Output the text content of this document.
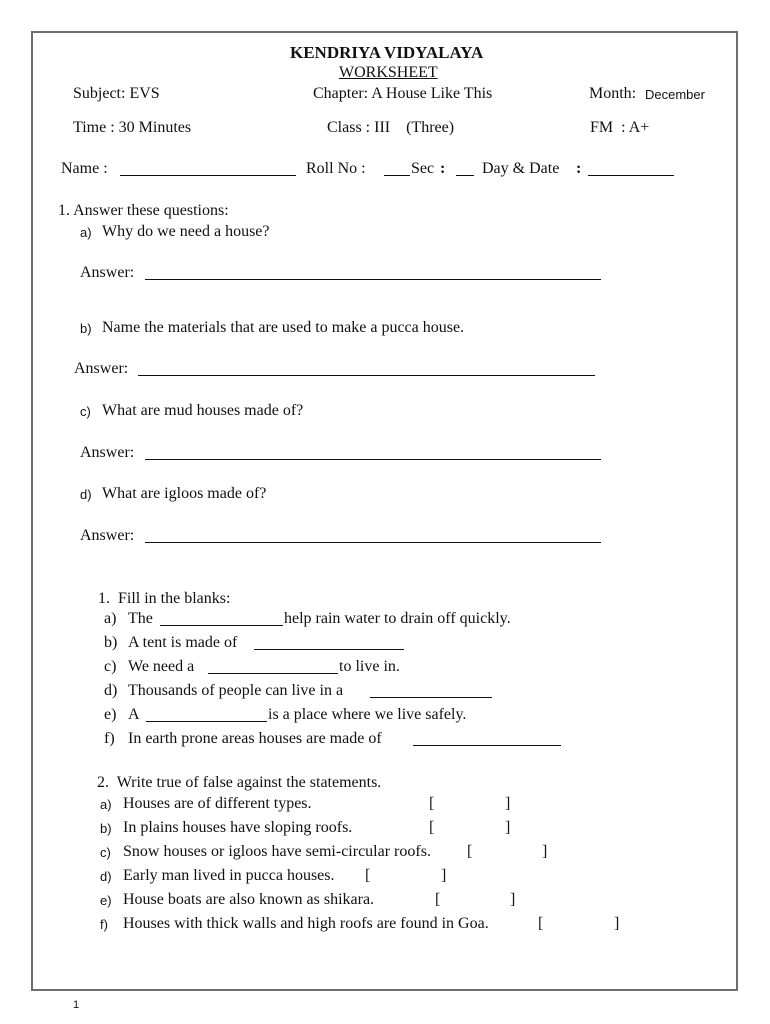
KENDRIYA VIDYALAYA
WORKSHEET
Subject: EVS	Chapter: A House Like This	Month: December
Time : 30 Minutes	Class : III    (Three)	FM  : A+
Name :	Roll No :	Sec : Day & Date :
1. Answer these questions:
a) Why do we need a house?
Answer:
b) Name the materials that are used to make a pucca house.
Answer:
c) What are mud houses made of?
Answer:
d) What are igloos made of?
Answer:
1.  Fill in the blanks:
a) The	help rain water to drain off quickly.
b) A tent is made of
c) We need a	to live in.
d) Thousands of people can live in a
e) A	is a place where we live safely.
f) In earth prone areas houses are made of
2.  Write true of false against the statements.
a) Houses are of different types.	[	]
b) In plains houses have sloping roofs.	[	]
c) Snow houses or igloos have semi-circular roofs. [	]
d) Early man lived in pucca houses. [	]
e) House boats are also known as shikara.	[	]
f) Houses with thick walls and high roofs are found in Goa.	[	]
1
